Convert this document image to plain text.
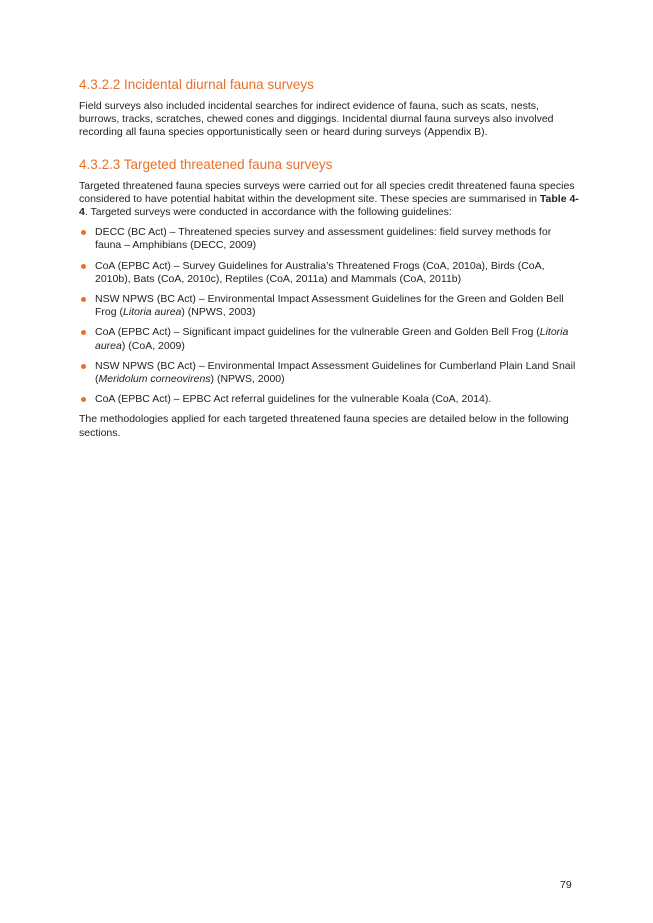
4.3.2.2 Incidental diurnal fauna surveys

Field surveys also included incidental searches for indirect evidence of fauna, such as scats, nests, burrows, tracks, scratches, chewed cones and diggings. Incidental diurnal fauna surveys also involved recording all fauna species opportunistically seen or heard during surveys (Appendix B).

4.3.2.3 Targeted threatened fauna surveys

Targeted threatened fauna species surveys were carried out for all species credit threatened fauna species considered to have potential habitat within the development site. These species are summarised in Table 4-4. Targeted surveys were conducted in accordance with the following guidelines:

DECC (BC Act) – Threatened species survey and assessment guidelines: field survey methods for fauna – Amphibians (DECC, 2009)
CoA (EPBC Act) – Survey Guidelines for Australia’s Threatened Frogs (CoA, 2010a), Birds (CoA, 2010b), Bats (CoA, 2010c), Reptiles (CoA, 2011a) and Mammals (CoA, 2011b)
NSW NPWS (BC Act) – Environmental Impact Assessment Guidelines for the Green and Golden Bell Frog (Litoria aurea) (NPWS, 2003)
CoA (EPBC Act) – Significant impact guidelines for the vulnerable Green and Golden Bell Frog (Litoria aurea) (CoA, 2009)
NSW NPWS (BC Act) – Environmental Impact Assessment Guidelines for Cumberland Plain Land Snail (Meridolum corneovirens) (NPWS, 2000)
CoA (EPBC Act) – EPBC Act referral guidelines for the vulnerable Koala (CoA, 2014).

The methodologies applied for each targeted threatened fauna species are detailed below in the following sections.

79
